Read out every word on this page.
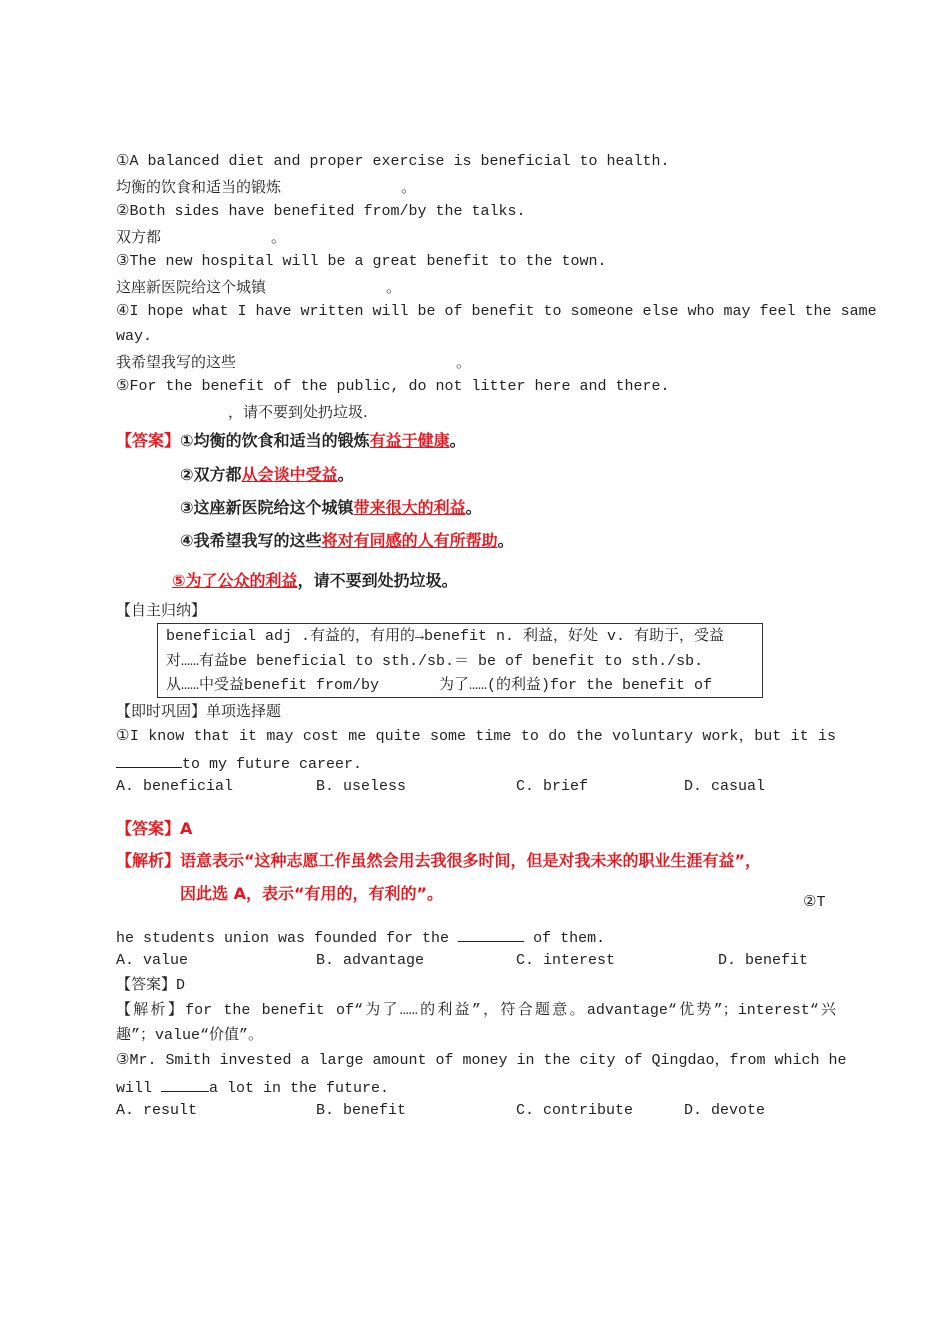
①A balanced diet and proper exercise is beneficial to health.
均衡的饮食和适当的锻炼	。
②Both sides have benefited from/by the talks.
双方都	。
③The new hospital will be a great benefit to the town.
这座新医院给这个城镇	。
④I hope what I have written will be of benefit to someone else who may feel the same
way.
我希望我写的这些	。
⑤For the benefit of the public, do not litter here and there.
，请不要到处扔垃圾.
【答案】①均衡的饮食和适当的锻炼有益于健康。
②双方都从会谈中受益。
③这座新医院给这个城镇带来很大的利益。
④我希望我写的这些将对有同感的人有所帮助。
⑤为了公众的利益，请不要到处扔垃圾。
【自主归纳】
beneficial adj .有益的，有用的→benefit n. 利益，好处 v. 有助于，受益
对……有益be beneficial to sth./sb.＝ be of benefit to sth./sb.
从……中受益benefit from/by	为了……(的利益)for the benefit of
【即时巩固】单项选择题
①I know that it may cost me quite some time to do the voluntary work，but it is
to my future career.
A. beneficial	B. useless	C. brief	D. casual
【答案】A
【解析】语意表示“这种志愿工作虽然会用去我很多时间，但是对我未来的职业生涯有益”，
因此选 A，表示“有用的，有利的”。	②T
he students union was founded for the	of them.
A. value	B. advantage	C. interest	D. benefit
【答案】D
【解析】for the benefit of“为了……的利益”，符合题意。advantage“优势”；interest“兴
趣”；value“价值”。
③Mr. Smith invested a large amount of money in the city of Qingdao，from which he
will	a lot in the future.
A. result	B. benefit	C. contribute	D. devote
